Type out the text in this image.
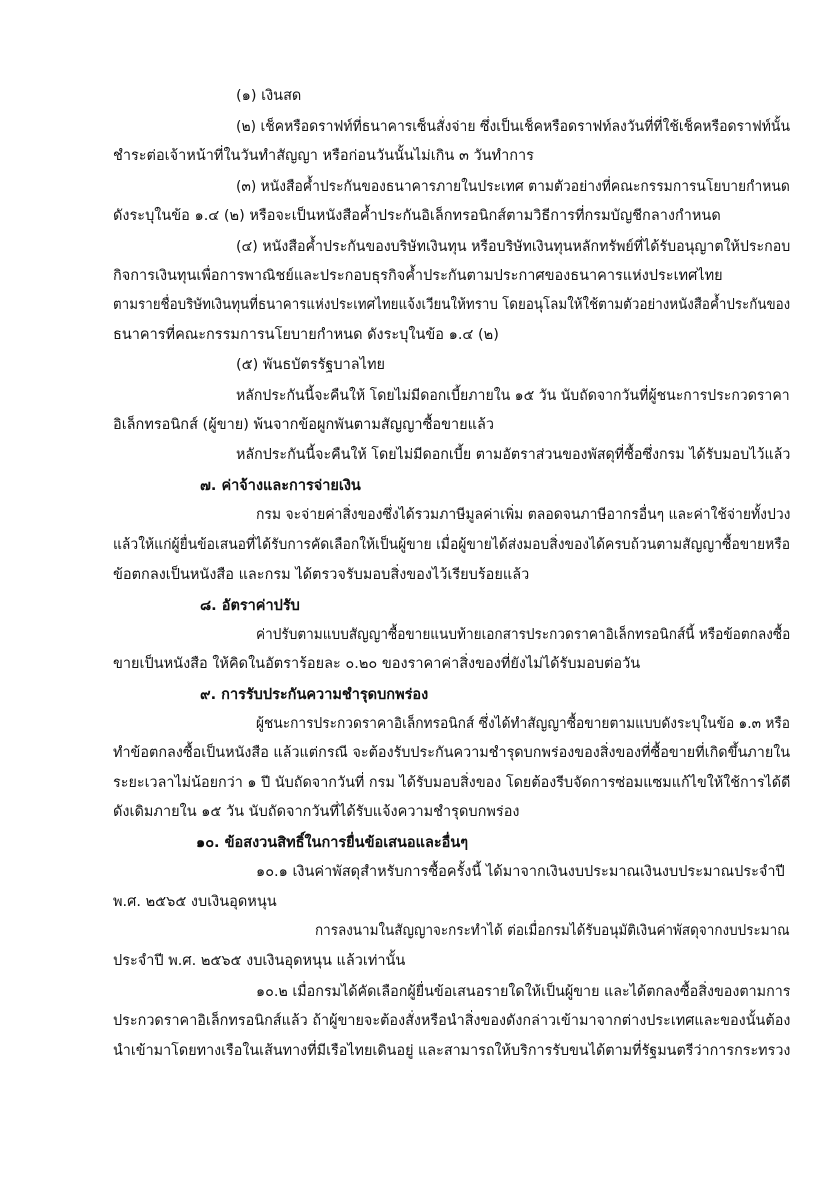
(๑) เงินสด
(๒) เช็คหรือดราฟท์ที่ธนาคารเซ็นสั่งจ่าย ซึ่งเป็นเช็คหรือดราฟท์ลงวันที่ที่ใช้เช็คหรือดราฟท์นั้น
ชำระต่อเจ้าหน้าที่ในวันทำสัญญา หรือก่อนวันนั้นไม่เกิน ๓ วันทำการ
(๓) หนังสือค้ำประกันของธนาคารภายในประเทศ ตามตัวอย่างที่คณะกรรมการนโยบายกำหนด
ดังระบุในข้อ ๑.๔ (๒) หรือจะเป็นหนังสือค้ำประกันอิเล็กทรอนิกส์ตามวิธีการที่กรมบัญชีกลางกำหนด
(๔) หนังสือค้ำประกันของบริษัทเงินทุน หรือบริษัทเงินทุนหลักทรัพย์ที่ได้รับอนุญาตให้ประกอบ
กิจการเงินทุนเพื่อการพาณิชย์และประกอบธุรกิจค้ำประกันตามประกาศของธนาคารแห่งประเทศไทย
ตามรายชื่อบริษัทเงินทุนที่ธนาคารแห่งประเทศไทยแจ้งเวียนให้ทราบ โดยอนุโลมให้ใช้ตามตัวอย่างหนังสือค้ำประกันของ
ธนาคารที่คณะกรรมการนโยบายกำหนด ดังระบุในข้อ ๑.๔ (๒)
(๕) พันธบัตรรัฐบาลไทย
หลักประกันนี้จะคืนให้ โดยไม่มีดอกเบี้ยภายใน ๑๕ วัน นับถัดจากวันที่ผู้ชนะการประกวดราคา
อิเล็กทรอนิกส์ (ผู้ขาย) พ้นจากข้อผูกพันตามสัญญาซื้อขายแล้ว
หลักประกันนี้จะคืนให้ โดยไม่มีดอกเบี้ย ตามอัตราส่วนของพัสดุที่ซื้อซึ่งกรม ได้รับมอบไว้แล้ว
๗. ค่าจ้างและการจ่ายเงิน
กรม จะจ่ายค่าสิ่งของซึ่งได้รวมภาษีมูลค่าเพิ่ม ตลอดจนภาษีอากรอื่นๆ และค่าใช้จ่ายทั้งปวง
แล้วให้แก่ผู้ยื่นข้อเสนอที่ได้รับการคัดเลือกให้เป็นผู้ขาย เมื่อผู้ขายได้ส่งมอบสิ่งของได้ครบถ้วนตามสัญญาซื้อขายหรือ
ข้อตกลงเป็นหนังสือ และกรม ได้ตรวจรับมอบสิ่งของไว้เรียบร้อยแล้ว
๘. อัตราค่าปรับ
ค่าปรับตามแบบสัญญาซื้อขายแนบท้ายเอกสารประกวดราคาอิเล็กทรอนิกส์นี้ หรือข้อตกลงซื้อ
ขายเป็นหนังสือ ให้คิดในอัตราร้อยละ ๐.๒๐ ของราคาค่าสิ่งของที่ยังไม่ได้รับมอบต่อวัน
๙. การรับประกันความชำรุดบกพร่อง
ผู้ชนะการประกวดราคาอิเล็กทรอนิกส์ ซึ่งได้ทำสัญญาซื้อขายตามแบบดังระบุในข้อ ๑.๓ หรือ
ทำข้อตกลงซื้อเป็นหนังสือ แล้วแต่กรณี จะต้องรับประกันความชำรุดบกพร่องของสิ่งของที่ซื้อขายที่เกิดขึ้นภายใน
ระยะเวลาไม่น้อยกว่า ๑ ปี นับถัดจากวันที่ กรม ได้รับมอบสิ่งของ โดยต้องรีบจัดการซ่อมแซมแก้ไขให้ใช้การได้ดี
ดังเดิมภายใน ๑๕ วัน นับถัดจากวันที่ได้รับแจ้งความชำรุดบกพร่อง
๑๐. ข้อสงวนสิทธิ์ในการยื่นข้อเสนอและอื่นๆ
๑๐.๑ เงินค่าพัสดุสำหรับการซื้อครั้งนี้ ได้มาจากเงินงบประมาณเงินงบประมาณประจำปี
พ.ศ. ๒๕๖๕ งบเงินอุดหนุน
การลงนามในสัญญาจะกระทำได้ ต่อเมื่อกรมได้รับอนุมัติเงินค่าพัสดุจากงบประมาณ
ประจำปี พ.ศ. ๒๕๖๕ งบเงินอุดหนุน แล้วเท่านั้น
๑๐.๒ เมื่อกรมได้คัดเลือกผู้ยื่นข้อเสนอรายใดให้เป็นผู้ขาย และได้ตกลงซื้อสิ่งของตามการ
ประกวดราคาอิเล็กทรอนิกส์แล้ว ถ้าผู้ขายจะต้องสั่งหรือนำสิ่งของดังกล่าวเข้ามาจากต่างประเทศและของนั้นต้อง
นำเข้ามาโดยทางเรือในเส้นทางที่มีเรือไทยเดินอยู่ และสามารถให้บริการรับขนได้ตามที่รัฐมนตรีว่าการกระทรวง
